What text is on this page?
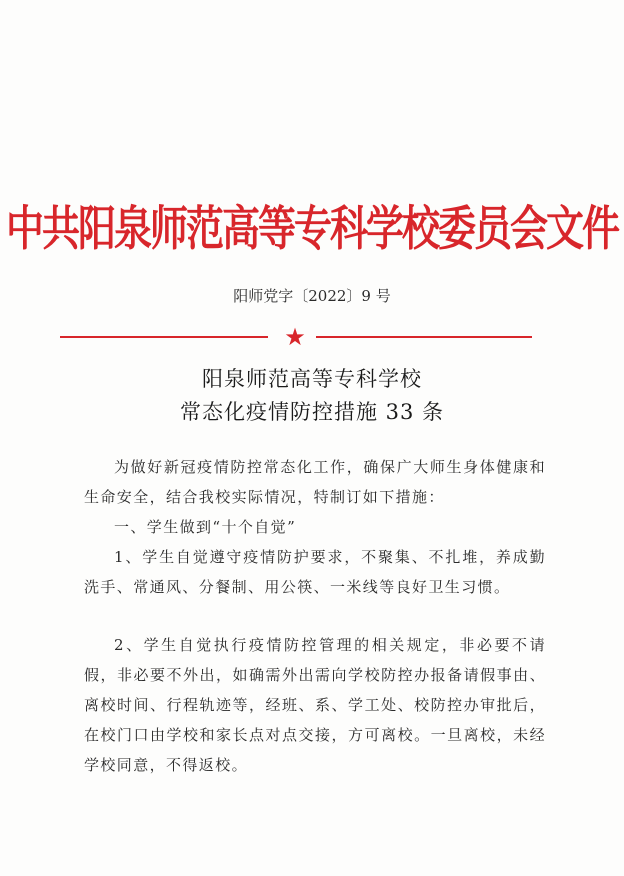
中共阳泉师范高等专科学校委员会文件
阳师党字〔2022〕9 号
★
阳泉师范高等专科学校
常态化疫情防控措施 33 条

为做好新冠疫情防控常态化工作，确保广大师生身体健康和生命安全，结合我校实际情况，特制订如下措施：

一、学生做到“十个自觉”

1、学生自觉遵守疫情防护要求，不聚集、不扎堆，养成勤洗手、常通风、分餐制、用公筷、一米线等良好卫生习惯。

2、学生自觉执行疫情防控管理的相关规定，非必要不请假，非必要不外出，如确需外出需向学校防控办报备请假事由、离校时间、行程轨迹等，经班、系、学工处、校防控办审批后，在校门口由学校和家长点对点交接，方可离校。一旦离校，未经学校同意，不得返校。
